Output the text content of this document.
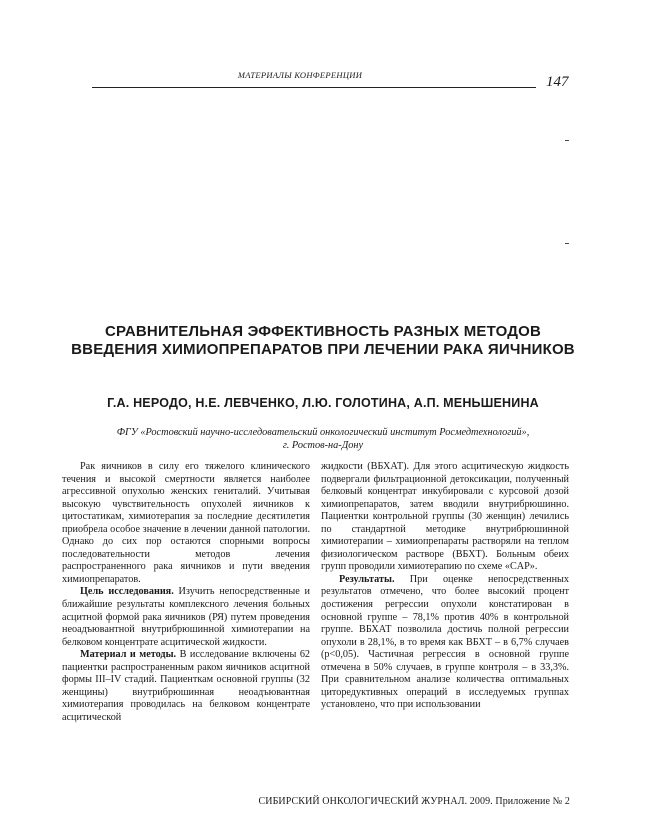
МАТЕРИАЛЫ КОНФЕРЕНЦИИ	147
СРАВНИТЕЛЬНАЯ ЭФФЕКТИВНОСТЬ РАЗНЫХ МЕТОДОВ ВВЕДЕНИЯ ХИМИОПРЕПАРАТОВ ПРИ ЛЕЧЕНИИ РАКА ЯИЧНИКОВ
Г.А. НЕРОДО, Н.Е. ЛЕВЧЕНКО, Л.Ю. ГОЛОТИНА, А.П. МЕНЬШЕНИНА
ФГУ «Ростовский научно-исследовательский онкологический институт Росмедтехнологий»,
г. Ростов-на-Дону

Рак яичников в силу его тяжелого клинического течения и высокой смертности является наиболее агрессивной опухолью женских гениталий. Учитывая высокую чувствительность опухолей яичников к цитостатикам, химиотерапия за последние десятилетия приобрела особое значение в лечении данной патологии. Однако до сих пор остаются спорными вопросы последовательности методов лечения распространенного рака яичников и пути введения химиопрепаратов.

Цель исследования. Изучить непосредственные и ближайшие результаты комплексного лечения больных асцитной формой рака яичников (РЯ) путем проведения неоадъювантной внутрибрюшинной химиотерапии на белковом концентрате асцитической жидкости.

Материал и методы. В исследование включены 62 пациентки распространенным раком яичников асцитной формы III–IV стадий. Пациенткам основной группы (32 женщины) внутрибрюшинная неоадъювантная химиотерапия проводилась на белковом концентрате асцитической

жидкости (ВБХАТ). Для этого асцитическую жидкость подвергали фильтрационной детоксикации, полученный белковый концентрат инкубировали с курсовой дозой химиопрепаратов, затем вводили внутрибрюшинно. Пациентки контрольной группы (30 женщин) лечились по стандартной методике внутрибрюшинной химиотерапии – химиопрепараты растворяли на теплом физиологическом растворе (ВБХТ). Больным обеих групп проводили химиотерапию по схеме «CAP».

Результаты. При оценке непосредственных результатов отмечено, что более высокий процент достижения регрессии опухоли констатирован в основной группе – 78,1% против 40% в контрольной группе. ВБХАТ позволила достичь полной регрессии опухоли в 28,1%, в то время как ВБХТ – в 6,7% случаев (p<0,05). Частичная регрессия в основной группе отмечена в 50% случаев, в группе контроля – в 33,3%. При сравнительном анализе количества оптимальных циторедуктивных операций в исследуемых группах установлено, что при использовании

СИБИРСКИЙ ОНКОЛОГИЧЕСКИЙ ЖУРНАЛ. 2009. Приложение № 2
